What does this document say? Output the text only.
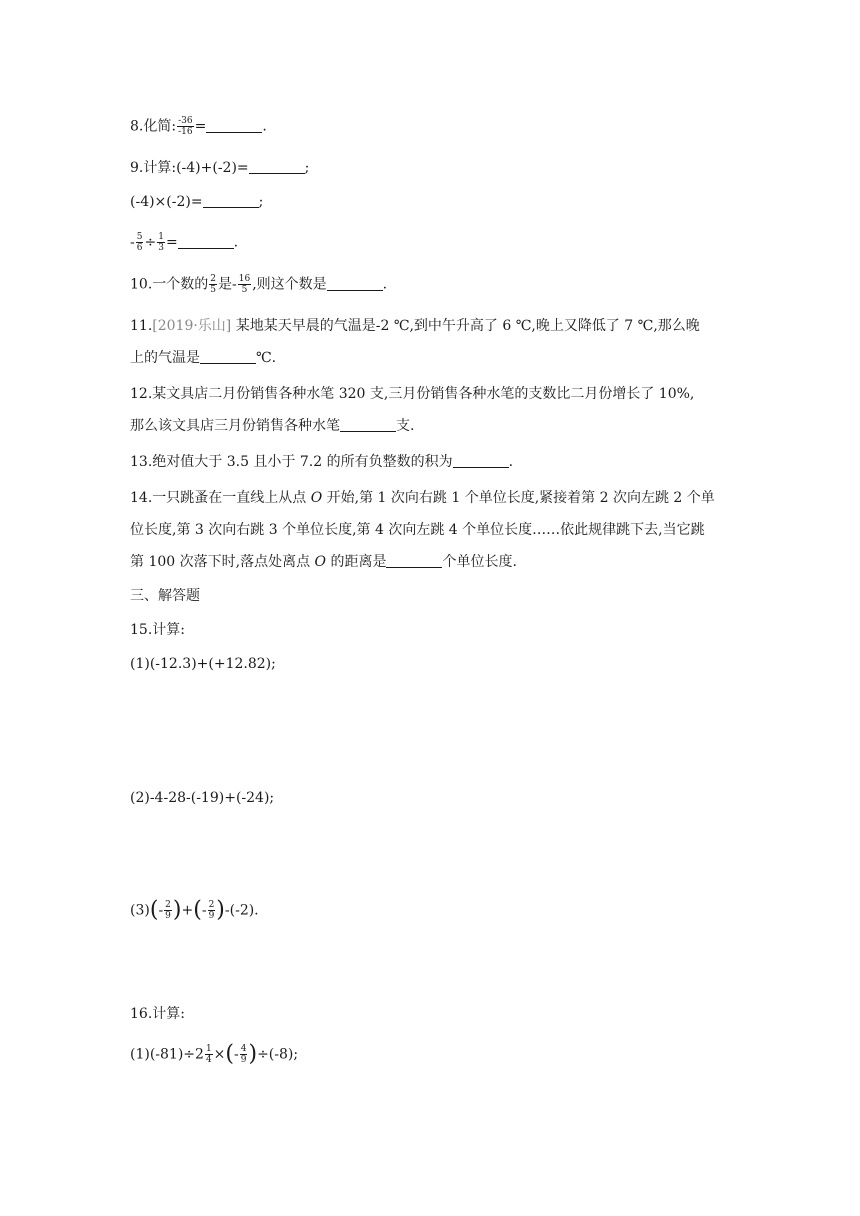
8.化简: $\frac{-36}{-16}$ =	.
9.计算:(-4)+(-2)=	;
(-4)×(-2)=	;
- $\frac{5}{6} \div \frac{1}{3}$ =	.
10.一个数的 $\frac{2}{5}$ 是- $\frac{16}{5}$ ,则这个数是	.
11.[2019·乐山] 某地某天早晨的气温是-2 ℃,到中午升高了 6 ℃,晚上又降低了 7 ℃,那么晚
上的气温是	℃.
12.某文具店二月份销售各种水笔 320 支,三月份销售各种水笔的支数比二月份增长了 10%,
那么该文具店三月份销售各种水笔	支.
13.绝对值大于 3.5 且小于 7.2 的所有负整数的积为	.
14.一只跳蚤在一直线上从点 O 开始,第 1 次向右跳 1 个单位长度,紧接着第 2 次向左跳 2 个单
位长度,第 3 次向右跳 3 个单位长度,第 4 次向左跳 4 个单位长度……依此规律跳下去,当它跳
第 100 次落下时,落点处离点 O 的距离是	个单位长度.
三、解答题
15.计算:
(1)(-12.3)+(+12.82);
(2)-4-28-(-19)+(-24);
$(3)(- \frac{2}{9}$ )+(- $\frac{2}{9} )-(-2)$.
16.计算:
$(1)(-81)\div 2 \frac{1}{4}$ ×(- $\frac{4}{9} )\div(-8)$;
